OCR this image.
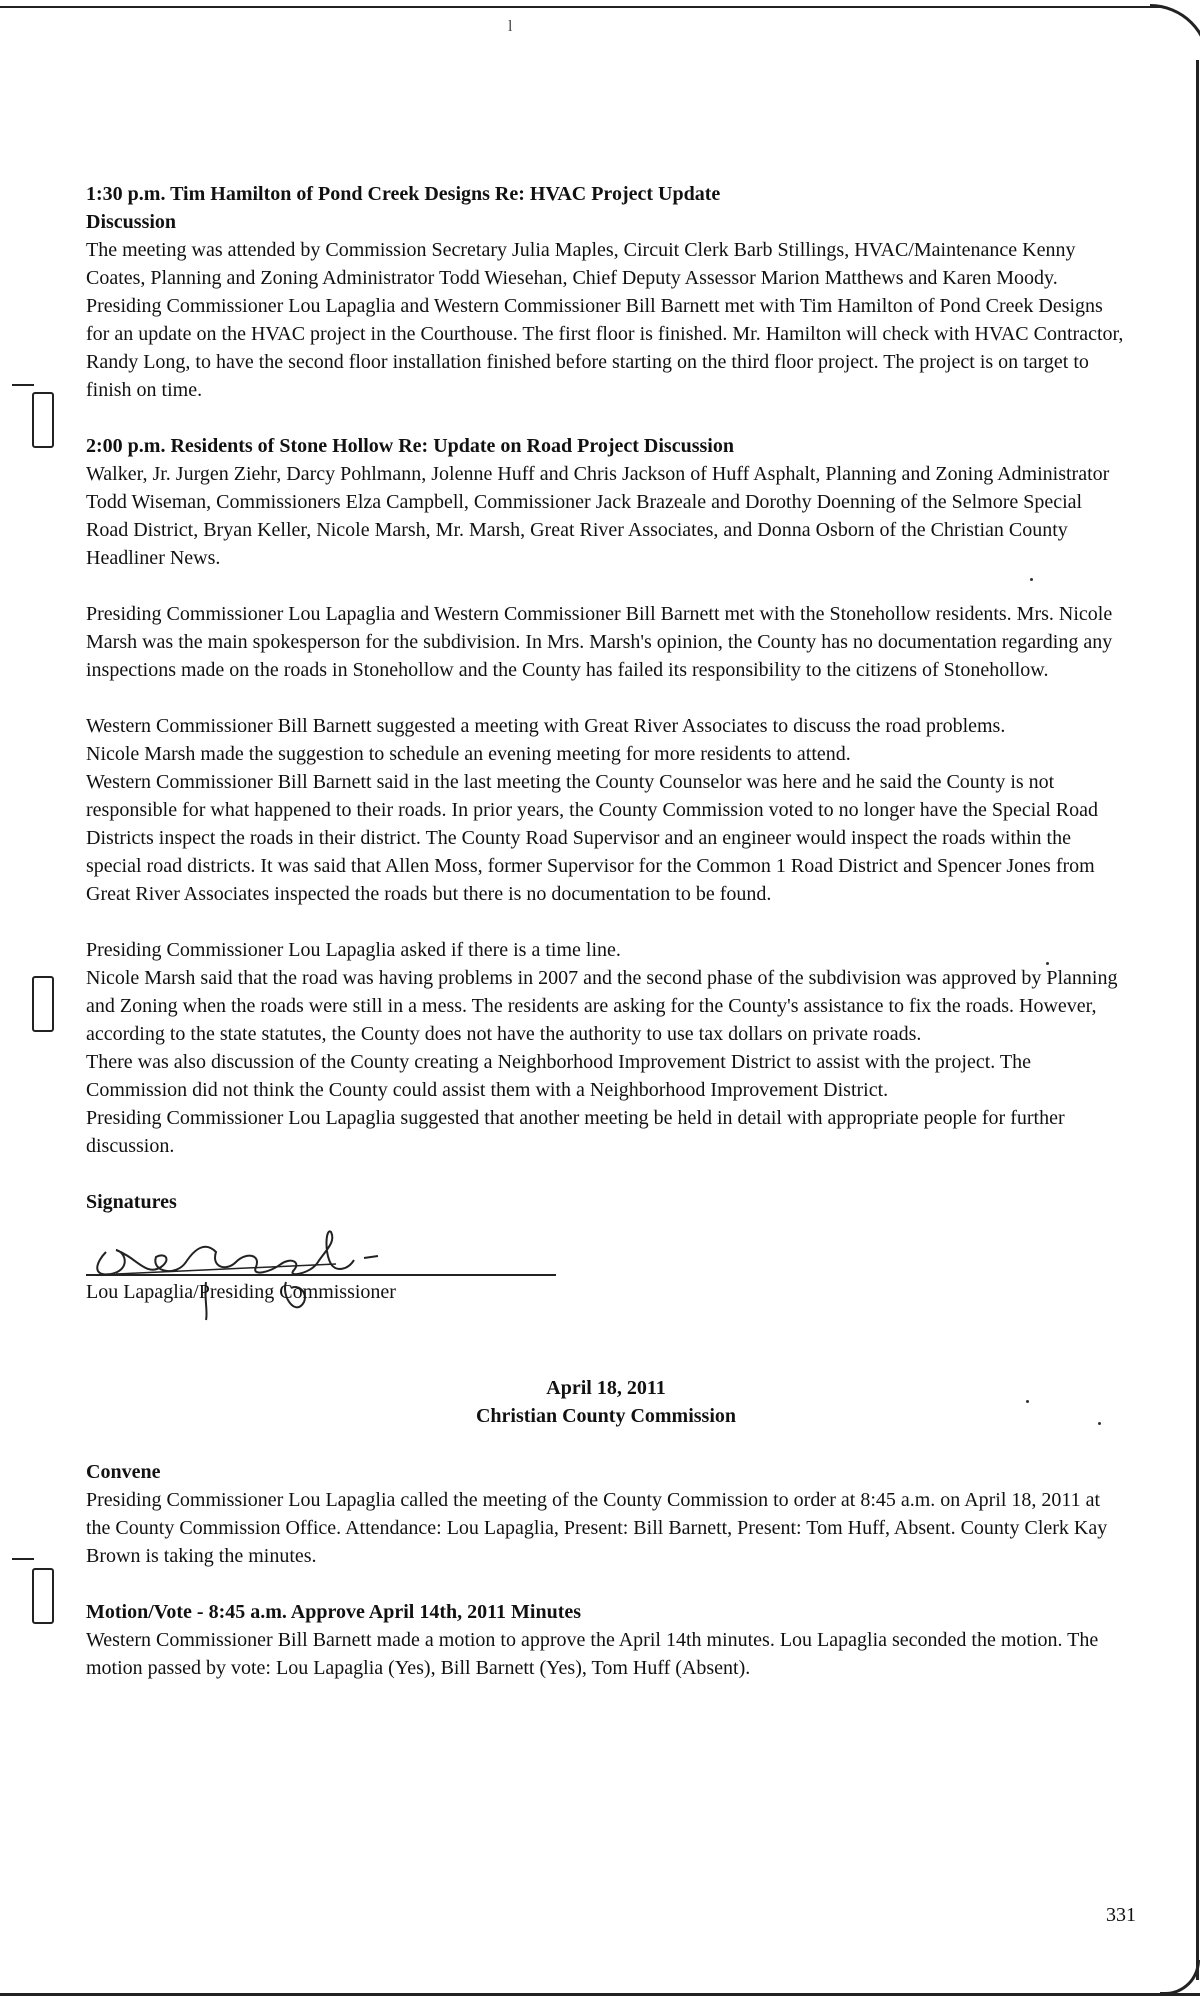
l

1:30 p.m. Tim Hamilton of Pond Creek Designs Re: HVAC Project Update

Discussion

The meeting was attended by Commission Secretary Julia Maples, Circuit Clerk Barb Stillings, HVAC/Maintenance Kenny Coates, Planning and Zoning Administrator Todd Wiesehan, Chief Deputy Assessor Marion Matthews and Karen Moody.

Presiding Commissioner Lou Lapaglia and Western Commissioner Bill Barnett met with Tim Hamilton of Pond Creek Designs for an update on the HVAC project in the Courthouse. The first floor is finished. Mr. Hamilton will check with HVAC Contractor, Randy Long, to have the second floor installation finished before starting on the third floor project. The project is on target to finish on time.

2:00 p.m. Residents of Stone Hollow Re: Update on Road Project Discussion

Walker, Jr. Jurgen Ziehr, Darcy Pohlmann, Jolenne Huff and Chris Jackson of Huff Asphalt, Planning and Zoning Administrator Todd Wiseman, Commissioners Elza Campbell, Commissioner Jack Brazeale and Dorothy Doenning of the Selmore Special Road District, Bryan Keller, Nicole Marsh, Mr. Marsh, Great River Associates, and Donna Osborn of the Christian County Headliner News.

Presiding Commissioner Lou Lapaglia and Western Commissioner Bill Barnett met with the Stonehollow residents. Mrs. Nicole Marsh was the main spokesperson for the subdivision. In Mrs. Marsh's opinion, the County has no documentation regarding any inspections made on the roads in Stonehollow and the County has failed its responsibility to the citizens of Stonehollow.

Western Commissioner Bill Barnett suggested a meeting with Great River Associates to discuss the road problems.

Nicole Marsh made the suggestion to schedule an evening meeting for more residents to attend.

Western Commissioner Bill Barnett said in the last meeting the County Counselor was here and he said the County is not responsible for what happened to their roads. In prior years, the County Commission voted to no longer have the Special Road Districts inspect the roads in their district. The County Road Supervisor and an engineer would inspect the roads within the special road districts. It was said that Allen Moss, former Supervisor for the Common 1 Road District and Spencer Jones from Great River Associates inspected the roads but there is no documentation to be found.

Presiding Commissioner Lou Lapaglia asked if there is a time line.

Nicole Marsh said that the road was having problems in 2007 and the second phase of the subdivision was approved by Planning and Zoning when the roads were still in a mess. The residents are asking for the County's assistance to fix the roads. However, according to the state statutes, the County does not have the authority to use tax dollars on private roads.

There was also discussion of the County creating a Neighborhood Improvement District to assist with the project. The Commission did not think the County could assist them with a Neighborhood Improvement District.

Presiding Commissioner Lou Lapaglia suggested that another meeting be held in detail with appropriate people for further discussion.

Signatures

Lou Lapaglia/Presiding Commissioner

April 18, 2011

Christian County Commission

Convene

Presiding Commissioner Lou Lapaglia called the meeting of the County Commission to order at 8:45 a.m. on April 18, 2011 at the County Commission Office. Attendance: Lou Lapaglia, Present: Bill Barnett, Present: Tom Huff, Absent. County Clerk Kay Brown is taking the minutes.

Motion/Vote - 8:45 a.m. Approve April 14th, 2011 Minutes

Western Commissioner Bill Barnett made a motion to approve the April 14th minutes. Lou Lapaglia seconded the motion. The motion passed by vote: Lou Lapaglia (Yes), Bill Barnett (Yes), Tom Huff (Absent).

331
